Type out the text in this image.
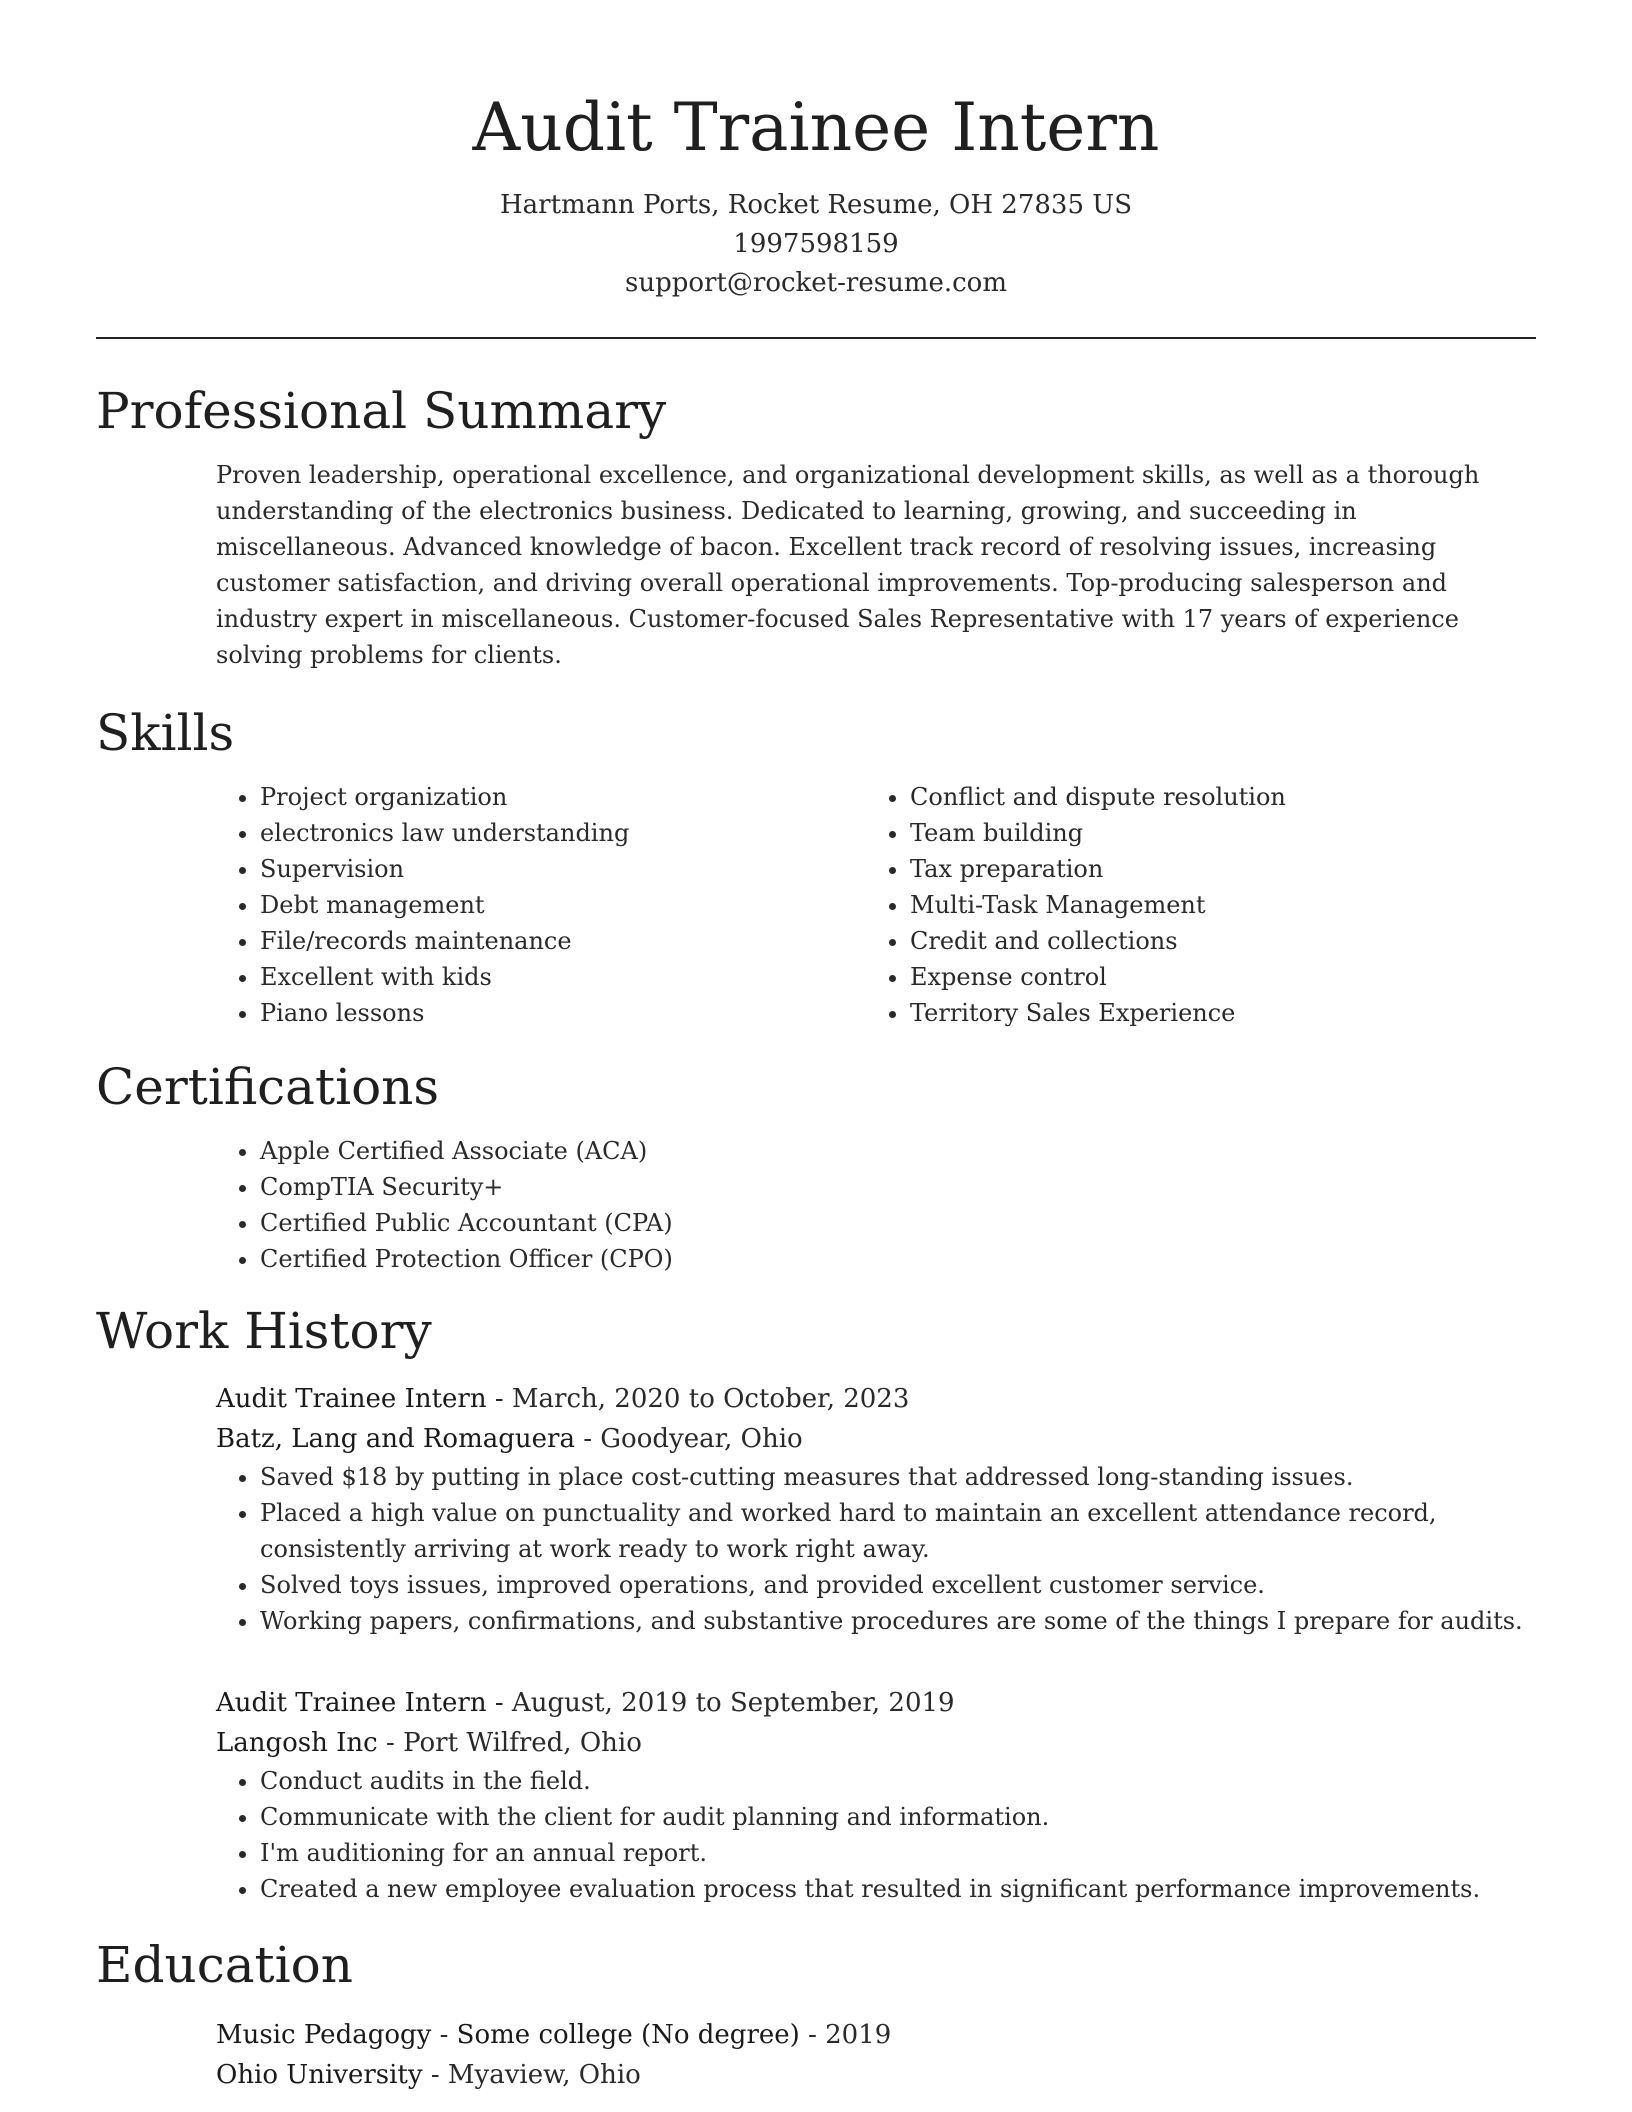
Audit Trainee Intern
Hartmann Ports, Rocket Resume, OH 27835 US
1997598159
support@rocket-resume.com
Professional Summary
Proven leadership, operational excellence, and organizational development skills, as well as a thorough understanding of the electronics business. Dedicated to learning, growing, and succeeding in miscellaneous. Advanced knowledge of bacon. Excellent track record of resolving issues, increasing customer satisfaction, and driving overall operational improvements. Top-producing salesperson and industry expert in miscellaneous. Customer-focused Sales Representative with 17 years of experience solving problems for clients.
Skills
• Project organization
• electronics law understanding
• Supervision
• Debt management
• File/records maintenance
• Excellent with kids
• Piano lessons
• Conflict and dispute resolution
• Team building
• Tax preparation
• Multi-Task Management
• Credit and collections
• Expense control
• Territory Sales Experience
Certifications
• Apple Certified Associate (ACA)
• CompTIA Security+
• Certified Public Accountant (CPA)
• Certified Protection Officer (CPO)
Work History
Audit Trainee Intern - March, 2020 to October, 2023
Batz, Lang and Romaguera - Goodyear, Ohio
• Saved $18 by putting in place cost-cutting measures that addressed long-standing issues.
• Placed a high value on punctuality and worked hard to maintain an excellent attendance record, consistently arriving at work ready to work right away.
• Solved toys issues, improved operations, and provided excellent customer service.
• Working papers, confirmations, and substantive procedures are some of the things I prepare for audits.
Audit Trainee Intern - August, 2019 to September, 2019
Langosh Inc - Port Wilfred, Ohio
• Conduct audits in the field.
• Communicate with the client for audit planning and information.
• I'm auditioning for an annual report.
• Created a new employee evaluation process that resulted in significant performance improvements.
Education
Music Pedagogy - Some college (No degree) - 2019
Ohio University - Myaview, Ohio
